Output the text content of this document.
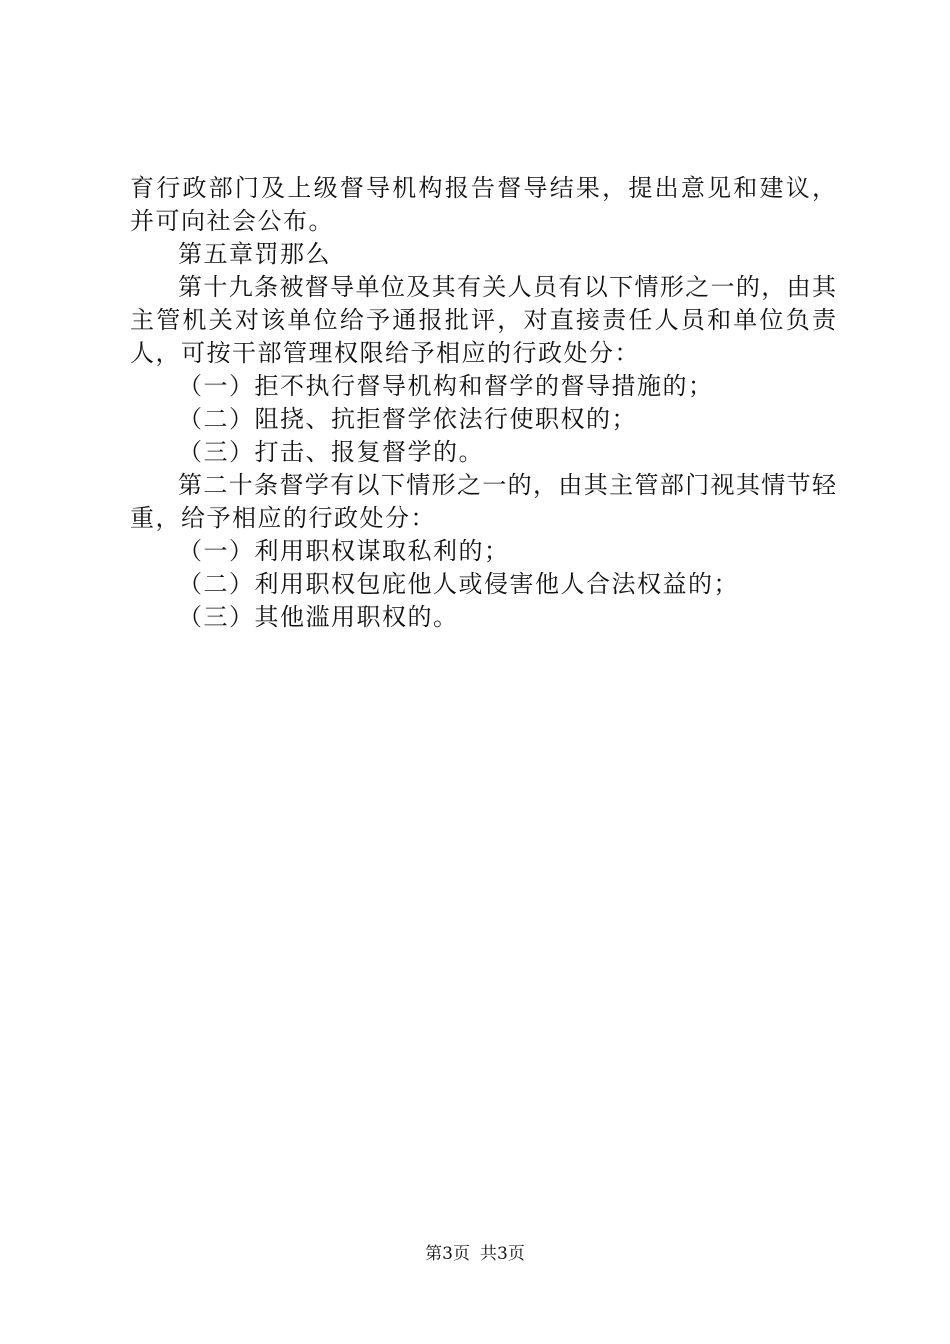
育行政部门及上级督导机构报告督导结果，提出意见和建议，
并可向社会公布。
第五章罚那么
第十九条被督导单位及其有关人员有以下情形之一的，由其
主管机关对该单位给予通报批评，对直接责任人员和单位负责
人，可按干部管理权限给予相应的行政处分：
（一）拒不执行督导机构和督学的督导措施的；
（二）阻挠、抗拒督学依法行使职权的；
（三）打击、报复督学的。
第二十条督学有以下情形之一的，由其主管部门视其情节轻
重，给予相应的行政处分：
（一）利用职权谋取私利的；
（二）利用职权包庇他人或侵害他人合法权益的；
（三）其他滥用职权的。
第3页 共3页
